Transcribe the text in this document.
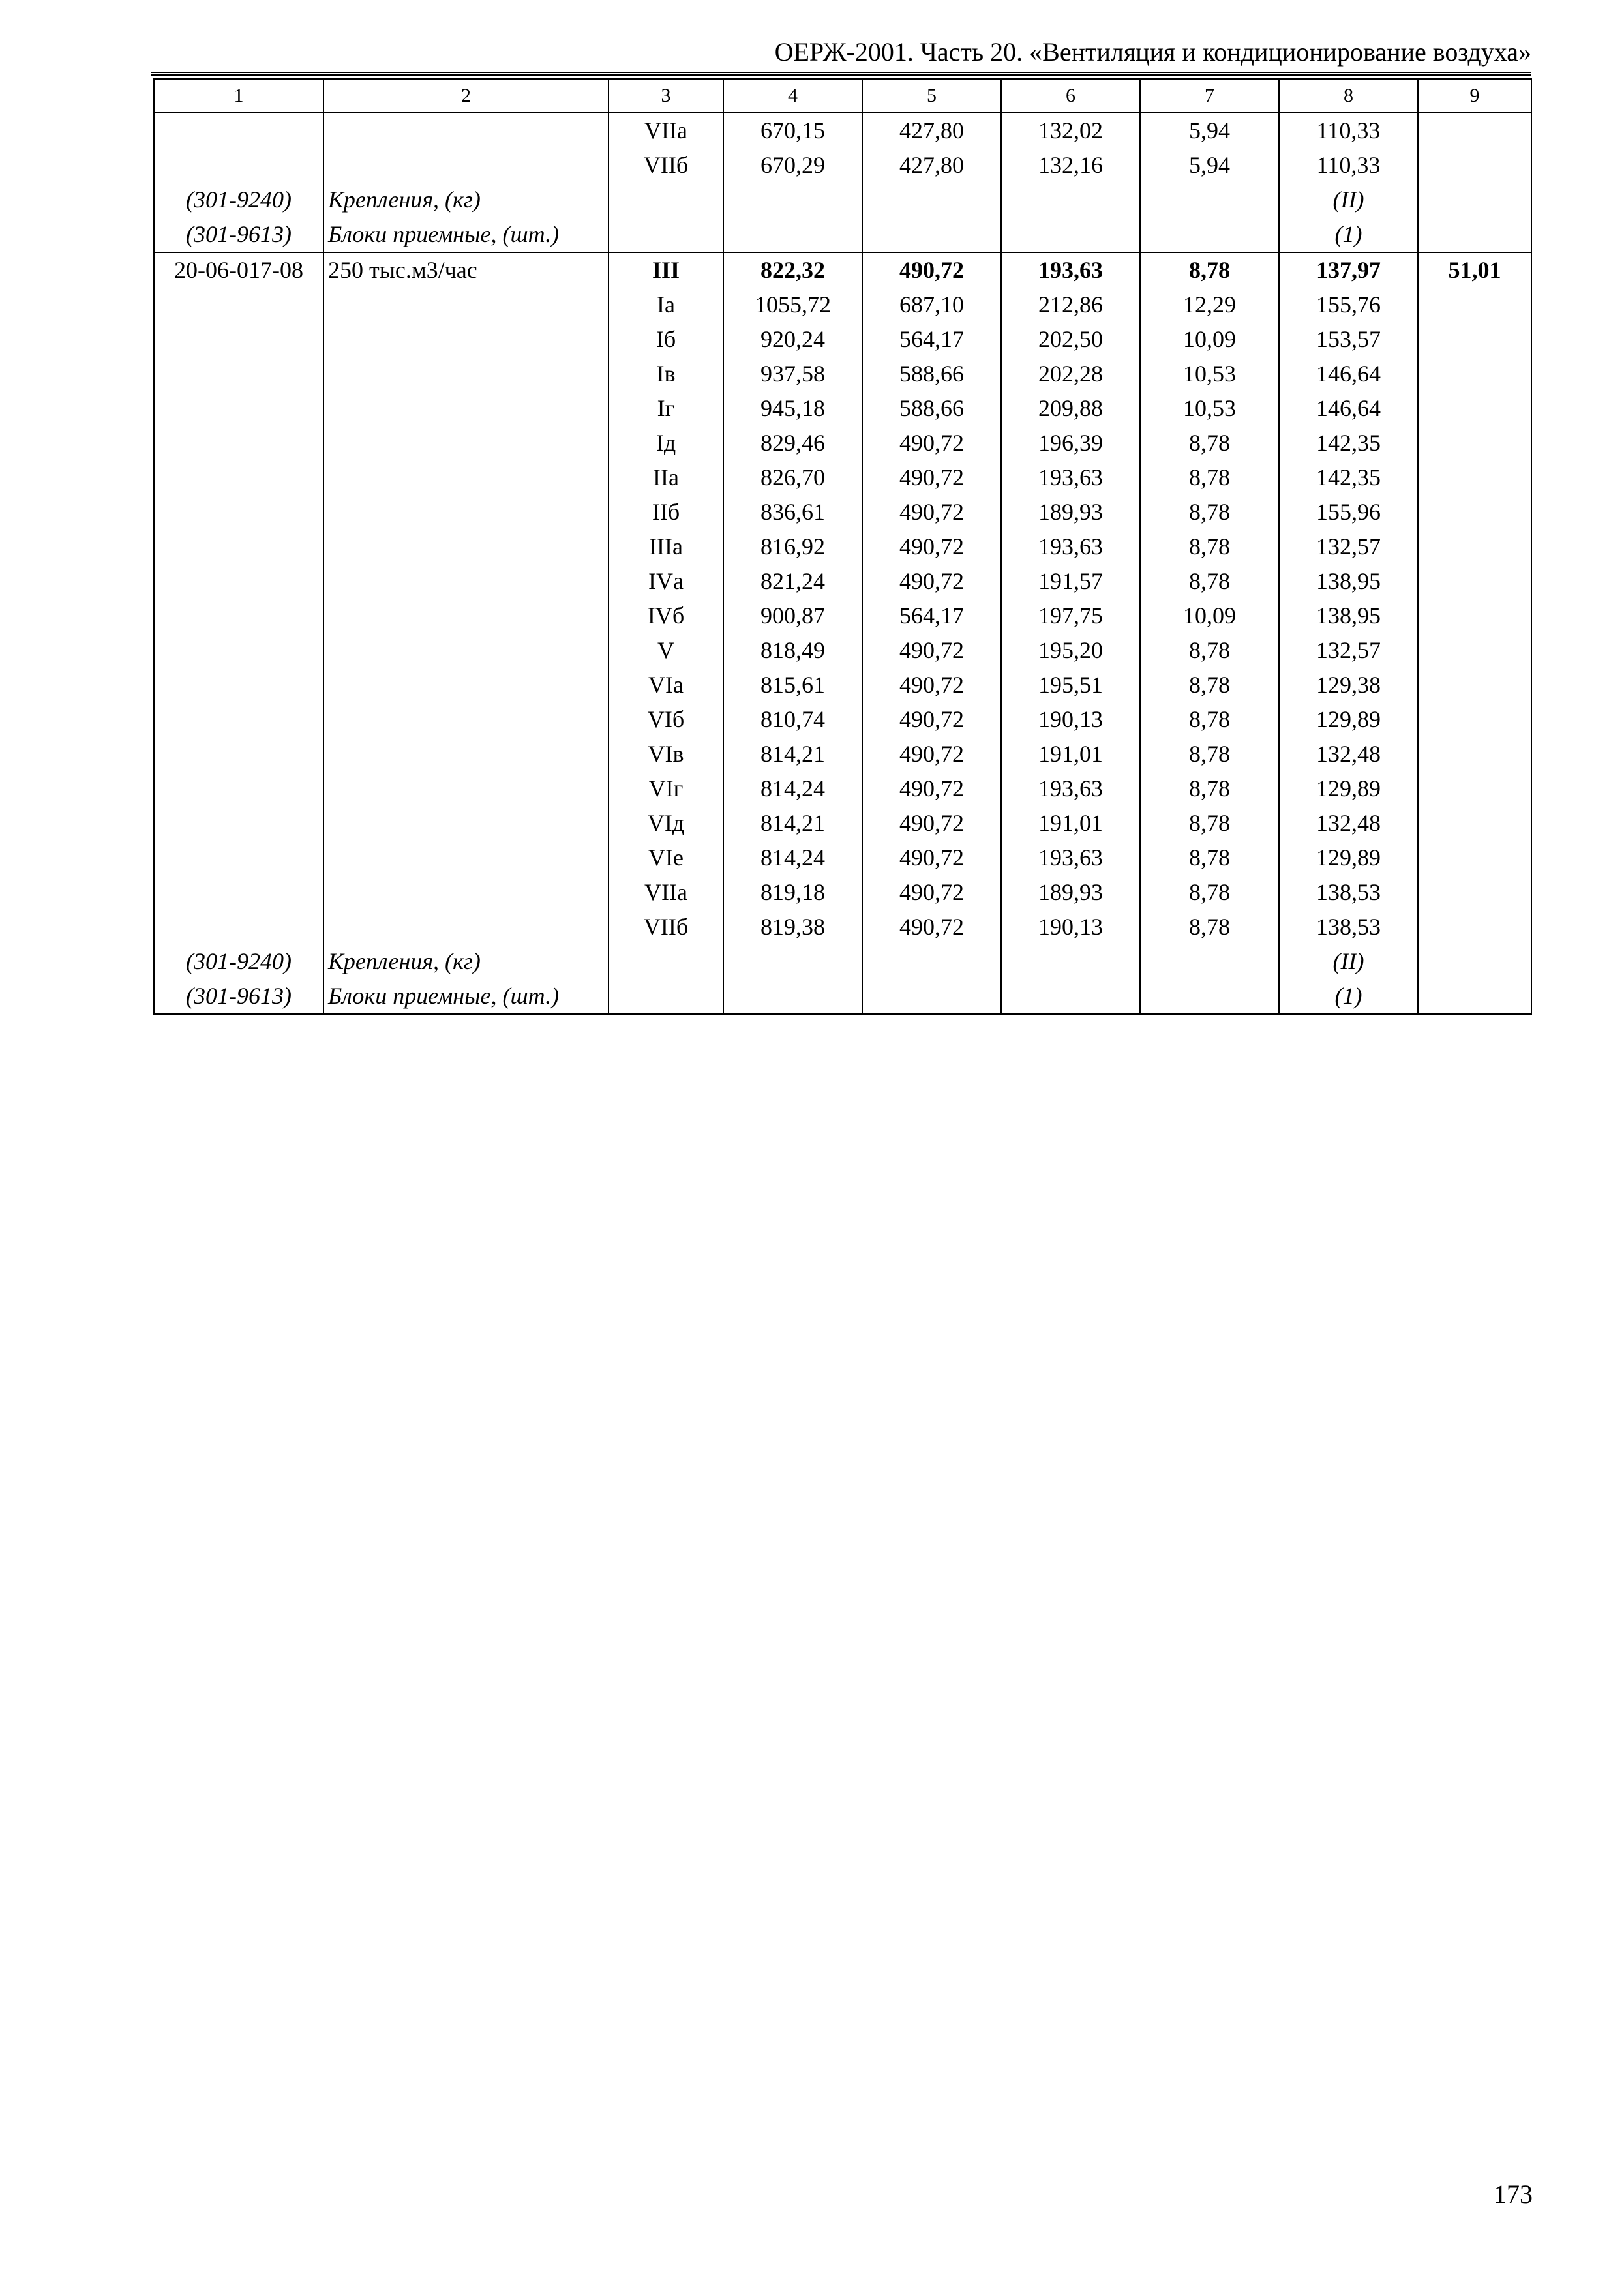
ОЕРЖ-2001. Часть 20. «Вентиляция и кондиционирование воздуха»
1	2	3	4	5	6	7	8	9
		VIIа	670,15	427,80	132,02	5,94	110,33	
		VIIб	670,29	427,80	132,16	5,94	110,33	
(301-9240)	Крепления, (кг)						(II)	
(301-9613)	Блоки приемные, (шт.)						(1)	
20-06-017-08	250 тыс.м3/час	III	822,32	490,72	193,63	8,78	137,97	51,01
		Iа	1055,72	687,10	212,86	12,29	155,76	
		Iб	920,24	564,17	202,50	10,09	153,57	
		Iв	937,58	588,66	202,28	10,53	146,64	
		Iг	945,18	588,66	209,88	10,53	146,64	
		Iд	829,46	490,72	196,39	8,78	142,35	
		IIа	826,70	490,72	193,63	8,78	142,35	
		IIб	836,61	490,72	189,93	8,78	155,96	
		IIIа	816,92	490,72	193,63	8,78	132,57	
		IVа	821,24	490,72	191,57	8,78	138,95	
		IVб	900,87	564,17	197,75	10,09	138,95	
		V	818,49	490,72	195,20	8,78	132,57	
		VIа	815,61	490,72	195,51	8,78	129,38	
		VIб	810,74	490,72	190,13	8,78	129,89	
		VIв	814,21	490,72	191,01	8,78	132,48	
		VIг	814,24	490,72	193,63	8,78	129,89	
		VIд	814,21	490,72	191,01	8,78	132,48	
		VIе	814,24	490,72	193,63	8,78	129,89	
		VIIа	819,18	490,72	189,93	8,78	138,53	
		VIIб	819,38	490,72	190,13	8,78	138,53	
(301-9240)	Крепления, (кг)						(II)	
(301-9613)	Блоки приемные, (шт.)						(1)	
173
